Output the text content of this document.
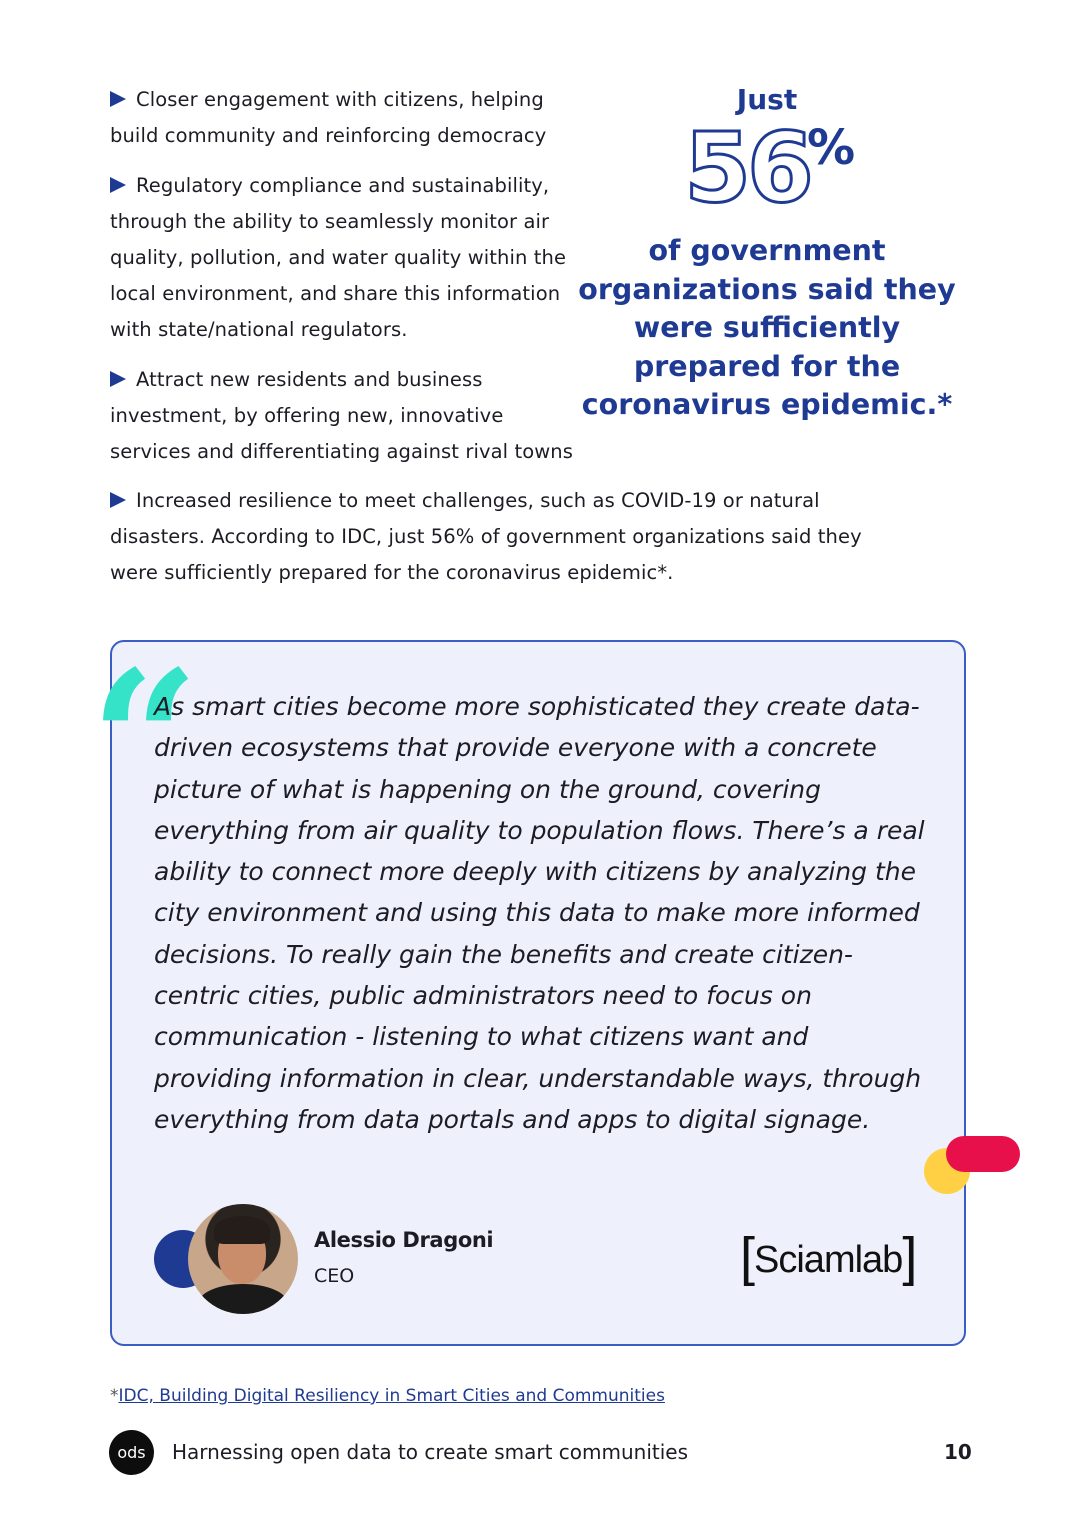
Closer engagement with citizens, helping build community and reinforcing democracy

Regulatory compliance and sustainability, through the ability to seamlessly monitor air quality, pollution, and water quality within the local environment, and share this information with state/national regulators.

Attract new residents and business investment, by offering new, innovative services and differentiating against rival towns

Increased resilience to meet challenges, such as COVID-19 or natural disasters. According to IDC, just 56% of government organizations said they were sufficiently prepared for the coronavirus epidemic*.

Just
56
%
of government organizations said they were sufficiently prepared for the coronavirus epidemic.*
“
As smart cities become more sophisticated they create data-driven ecosystems that provide everyone with a concrete picture of what is happening on the ground, covering everything from air quality to population flows. There’s a real ability to connect more deeply with citizens by analyzing the city environment and using this data to make more informed decisions. To really gain the benefits and create citizen-centric cities, public administrators need to focus on communication - listening to what citizens want and providing information in clear, understandable ways, through everything from data portals and apps to digital signage.
Alessio Dragoni
CEO	[Sciamlab]
*IDC, Building Digital Resiliency in Smart Cities and Communities
ods	Harnessing open data to create smart communities	10
